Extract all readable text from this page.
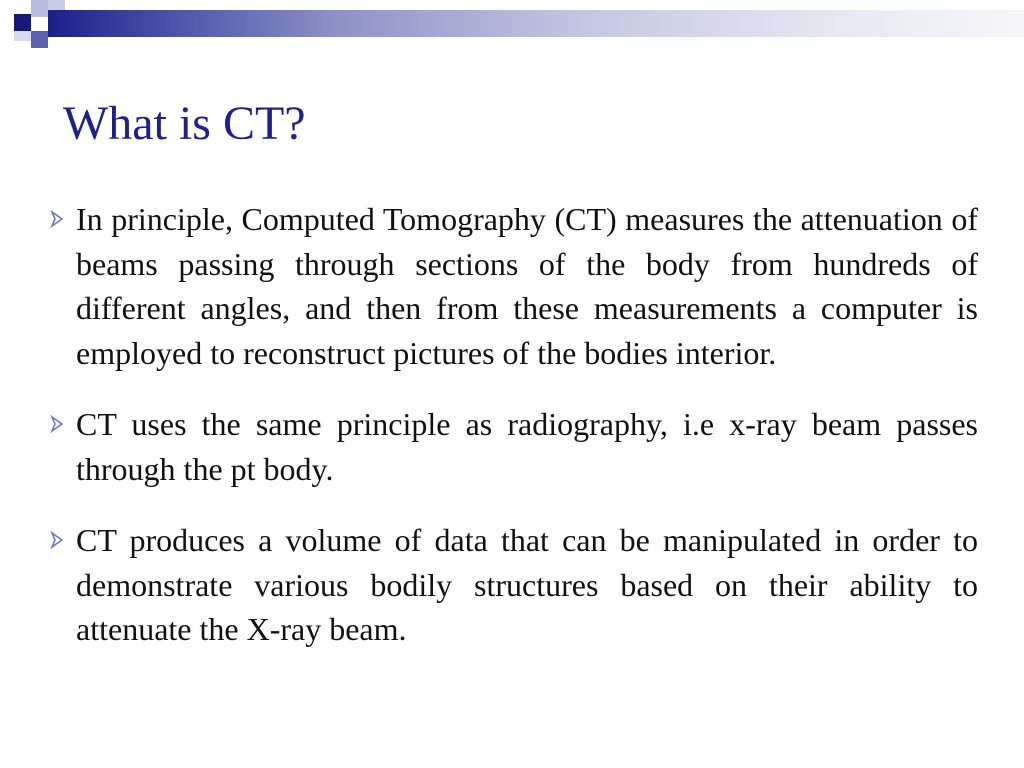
What is CT?
In principle, Computed Tomography (CT) measures the attenuation of beams passing through sections of the body from hundreds of different angles, and then from these measurements a computer is employed to reconstruct pictures of the bodies interior.
CT uses the same principle as radiography, i.e x-ray beam passes through the pt body.
CT produces a volume of data that can be manipulated in order to demonstrate various bodily structures based on their ability to attenuate the X-ray beam.
